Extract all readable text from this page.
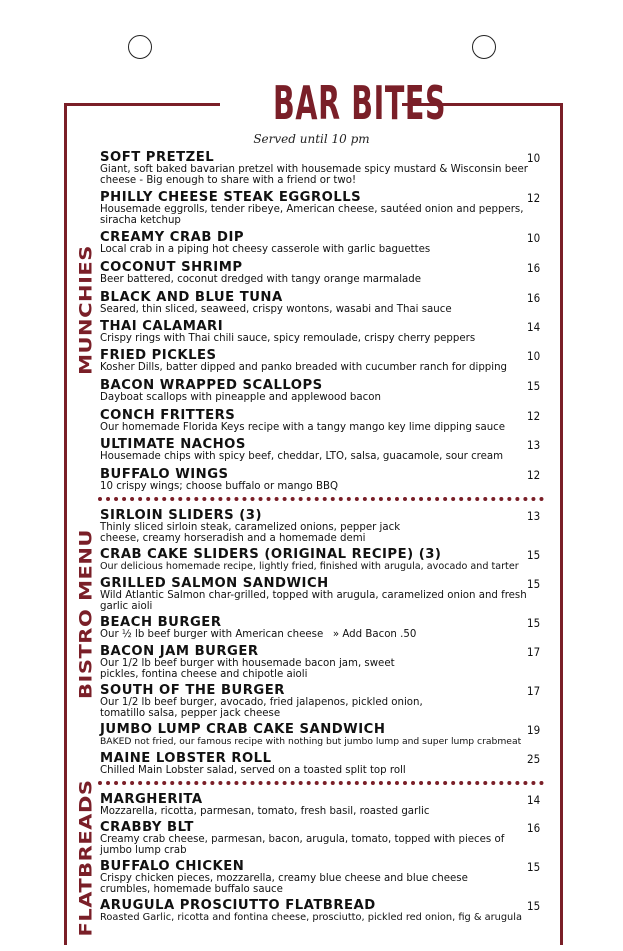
BAR BITES
Served until 10 pm
MUNCHIES
SOFT PRETZEL
Giant, soft baked bavarian pretzel with housemade spicy mustard & Wisconsin beer cheese - Big enough to share with a friend or two!
10
PHILLY CHEESE STEAK EGGROLLS
Housemade eggrolls, tender ribeye, American cheese, sautéed onion and peppers, siracha ketchup
12
CREAMY CRAB DIP
Local crab in a piping hot cheesy casserole with garlic baguettes
10
COCONUT SHRIMP
Beer battered, coconut dredged with tangy orange marmalade
16
BLACK AND BLUE TUNA
Seared, thin sliced, seaweed, crispy wontons, wasabi and Thai sauce
16
THAI CALAMARI
Crispy rings with Thai chili sauce, spicy remoulade, crispy cherry peppers
14
FRIED PICKLES
Kosher Dills, batter dipped and panko breaded with cucumber ranch for dipping
10
BACON WRAPPED SCALLOPS
Dayboat scallops with pineapple and applewood bacon
15
CONCH FRITTERS
Our homemade Florida Keys recipe with a tangy mango key lime dipping sauce
12
ULTIMATE NACHOS
Housemade chips with spicy beef, cheddar, LTO, salsa, guacamole, sour cream
13
BUFFALO WINGS
10 crispy wings; choose buffalo or mango BBQ
12
BISTRO MENU
SIRLOIN SLIDERS (3)
Thinly sliced sirloin steak, caramelized onions, pepper jack cheese, creamy horseradish and a homemade demi
13
CRAB CAKE SLIDERS (ORIGINAL RECIPE) (3)
Our delicious homemade recipe, lightly fried, finished with arugula, avocado and tarter
15
GRILLED SALMON SANDWICH
Wild Atlantic Salmon char-grilled, topped with arugula, caramelized onion and fresh garlic aioli
15
BEACH BURGER
Our ½ lb beef burger with American cheese   » Add Bacon .50
15
BACON JAM BURGER
Our 1/2 lb beef burger with housemade bacon jam, sweet pickles, fontina cheese and chipotle aioli
17
SOUTH OF THE BURGER
Our 1/2 lb beef burger, avocado, fried jalapenos, pickled onion, tomatillo salsa, pepper jack cheese
17
JUMBO LUMP CRAB CAKE SANDWICH
BAKED not fried, our famous recipe with nothing but jumbo lump and super lump crabmeat
19
MAINE LOBSTER ROLL
Chilled Main Lobster salad, served on a toasted split top roll
25
FLATBREADS MARGHERITA
Mozzarella, ricotta, parmesan, tomato, fresh basil, roasted garlic
14
CRABBY BLT
Creamy crab cheese, parmesan, bacon, arugula, tomato, topped with pieces of jumbo lump crab
16
BUFFALO CHICKEN
Crispy chicken pieces, mozzarella, creamy blue cheese and blue cheese crumbles, homemade buffalo sauce
15
ARUGULA PROSCIUTTO FLATBREAD
Roasted Garlic, ricotta and fontina cheese, prosciutto, pickled red onion, fig & arugula
15
